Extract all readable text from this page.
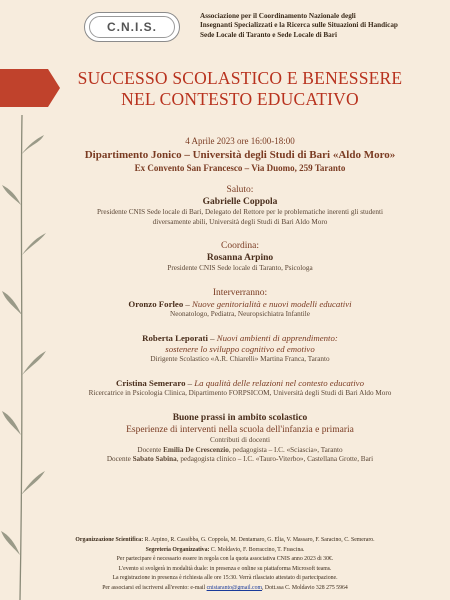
C.N.I.S.
Associazione per il Coordinamento Nazionale degli
Insegnanti Specializzati e la Ricerca sulle Situazioni di Handicap
Sede Locale di Taranto e Sede Locale di Bari
SUCCESSO SCOLASTICO E BENESSERE
NEL CONTESTO EDUCATIVO
4 Aprile 2023 ore 16:00-18:00
Dipartimento Jonico – Università degli Studi di Bari «Aldo Moro»
Ex Convento San Francesco – Via Duomo, 259 Taranto
Saluto:
Gabrielle Coppola
Presidente CNIS Sede locale di Bari, Delegato del Rettore per le problematiche inerenti gli studenti
diversamente abili, Università degli Studi di Bari Aldo Moro
Coordina:
Rosanna Arpino
Presidente CNIS Sede locale di Taranto, Psicologa
Interverranno:
Oronzo Forleo – Nuove genitorialità e nuovi modelli educativi
Neonatologo, Pediatra, Neuropsichiatra Infantile
Roberta Leporati – Nuovi ambienti di apprendimento:
sostenere lo sviluppo cognitivo ed emotivo
Dirigente Scolastico «A.R. Chiarelli» Martina Franca, Taranto
Cristina Semeraro – La qualità delle relazioni nel contesto educativo
Ricercatrice in Psicologia Clinica, Dipartimento FORPSICOM, Università degli Studi di Bari Aldo Moro
Buone prassi in ambito scolastico
Esperienze di interventi nella scuola dell'infanzia e primaria
Contributi di docenti
Docente Emilia De Crescenzio, pedagogista – I.C. «Sciascia», Taranto
Docente Sabato Sabina, pedagogista clinico – I.C. «Tauro-Viterbo», Castellana Grotte, Bari
Organizzazione Scientifica: R. Arpino, R. Cassibba, G. Coppola, M. Dentamaro, G. Elia, V. Massaro, F. Saracino, C. Semeraro.
Segreteria Organizzativa: C. Moldavio, F. Borraccino, T. Frascina.
Per partecipare è necessario essere in regola con la quota associativa CNIS anno 2023 di 30€.
L'evento si svolgerà in modalità duale: in presenza e online su piattaforma Microsoft teams.
La registrazione in presenza è richiesta alle ore 15:30. Verrà rilasciato attestato di partecipazione.
Per associarsi ed iscriversi all'evento: e-mail cnistaranto@gmail.com, Dott.ssa C. Moldavio 328 275 5964
